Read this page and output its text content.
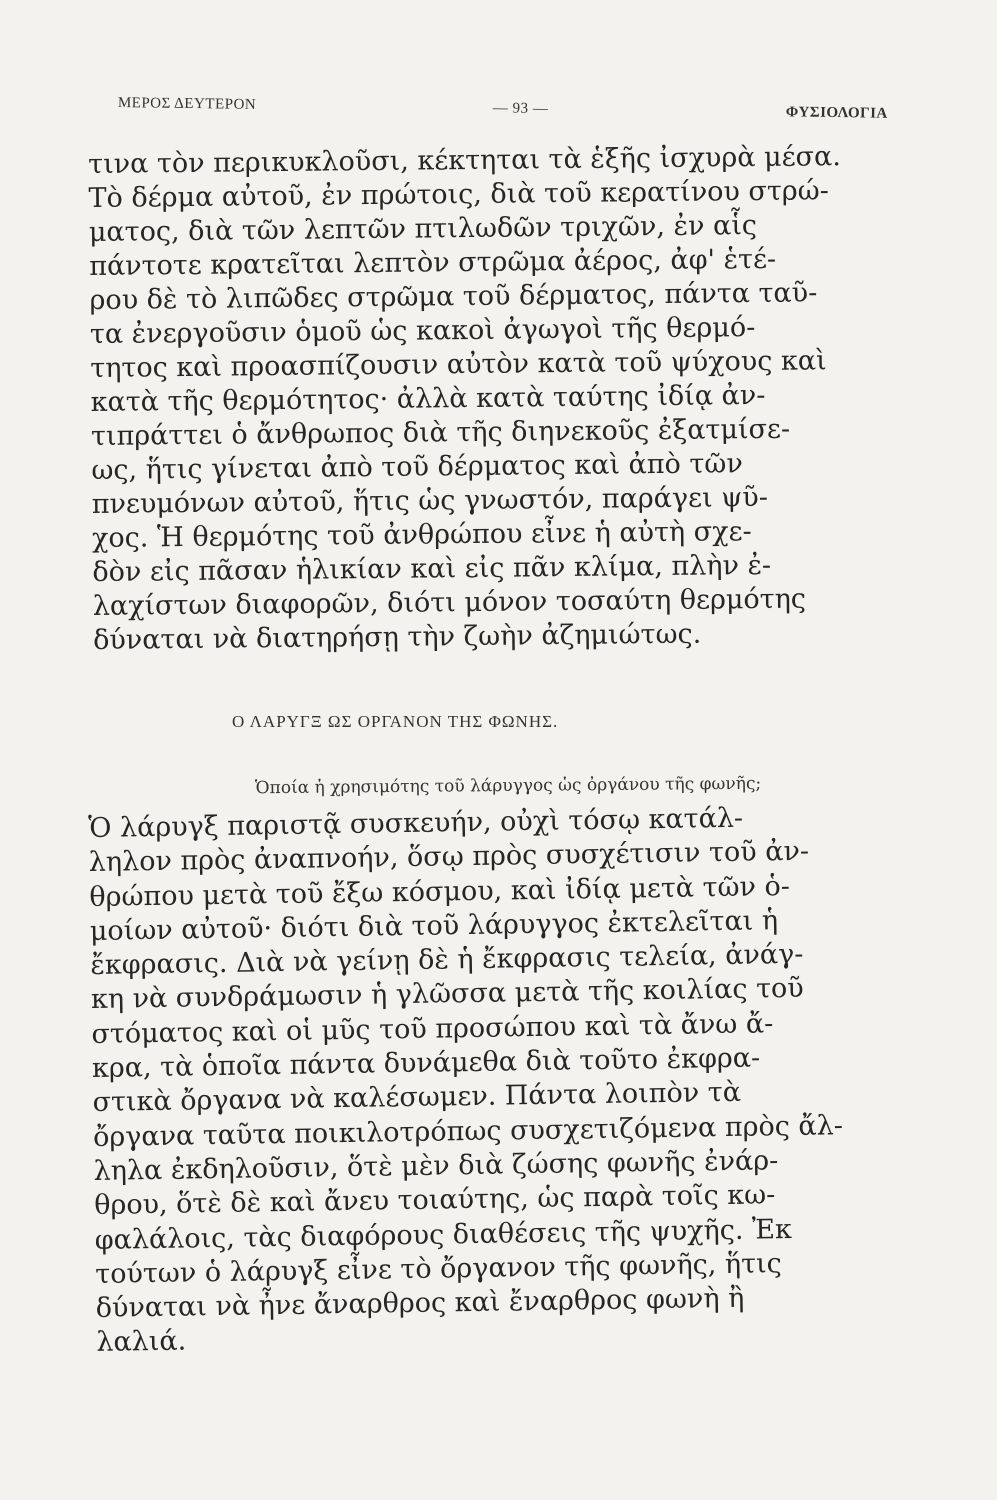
ΜΕΡΟΣ ΔΕΥΤΕΡΟΝ	— 93 —	ΦΥΣΙΟΛΟΓΙΑ
τινα τὸν περικυκλοῦσι, κέκτηται τὰ ἑξῆς ἰσχυρὰ μέσα.
Τὸ δέρμα αὐτοῦ, ἐν πρώτοις, διὰ τοῦ κερατίνου στρώ-
ματος, διὰ τῶν λεπτῶν πτιλωδῶν τριχῶν, ἐν αἷς
πάντοτε κρατεῖται λεπτὸν στρῶμα ἀέρος, ἀφ' ἑτέ-
ρου δὲ τὸ λιπῶδες στρῶμα τοῦ δέρματος, πάντα ταῦ-
τα ἐνεργοῦσιν ὁμοῦ ὡς κακοὶ ἀγωγοὶ τῆς θερμό-
τητος καὶ προασπίζουσιν αὐτὸν κατὰ τοῦ ψύχους καὶ
κατὰ τῆς θερμότητος· ἀλλὰ κατὰ ταύτης ἰδίᾳ ἀν-
τιπράττει ὁ ἄνθρωπος διὰ τῆς διηνεκοῦς ἐξατμίσε-
ως, ἥτις γίνεται ἀπὸ τοῦ δέρματος καὶ ἀπὸ τῶν
πνευμόνων αὐτοῦ, ἥτις ὡς γνωστόν, παράγει ψῦ-
χος. Ἡ θερμότης τοῦ ἀνθρώπου εἶνε ἡ αὐτὴ σχε-
δὸν εἰς πᾶσαν ἡλικίαν καὶ εἰς πᾶν κλίμα, πλὴν ἐ-
λαχίστων διαφορῶν, διότι μόνον τοσαύτη θερμότης
δύναται νὰ διατηρήσῃ τὴν ζωὴν ἀζημιώτως.
Ο ΛΑΡΥΓΞ ΩΣ ΟΡΓΑΝΟΝ ΤΗΣ ΦΩΝΗΣ.
Ὁποία ἡ χρησιμότης τοῦ λάρυγγος ὡς ὀργάνου τῆς φωνῆς;
Ὁ λάρυγξ παριστᾷ συσκευήν, οὐχὶ τόσῳ κατάλ-
ληλον πρὸς ἀναπνοήν, ὅσῳ πρὸς συσχέτισιν τοῦ ἀν-
θρώπου μετὰ τοῦ ἔξω κόσμου, καὶ ἰδίᾳ μετὰ τῶν ὁ-
μοίων αὐτοῦ· διότι διὰ τοῦ λάρυγγος ἐκτελεῖται ἡ
ἔκφρασις. Διὰ νὰ γείνῃ δὲ ἡ ἔκφρασις τελεία, ἀνάγ-
κη νὰ συνδράμωσιν ἡ γλῶσσα μετὰ τῆς κοιλίας τοῦ
στόματος καὶ οἱ μῦς τοῦ προσώπου καὶ τὰ ἄνω ἄ-
κρα, τὰ ὁποῖα πάντα δυνάμεθα διὰ τοῦτο ἐκφρα-
στικὰ ὄργανα νὰ καλέσωμεν. Πάντα λοιπὸν τὰ
ὄργανα ταῦτα ποικιλοτρόπως συσχετιζόμενα πρὸς ἄλ-
ληλα ἐκδηλοῦσιν, ὅτὲ μὲν διὰ ζώσης φωνῆς ἐνάρ-
θρου, ὅτὲ δὲ καὶ ἄνευ τοιαύτης, ὡς παρὰ τοῖς κω-
φαλάλοις, τὰς διαφόρους διαθέσεις τῆς ψυχῆς. Ἐκ
τούτων ὁ λάρυγξ εἶνε τὸ ὄργανον τῆς φωνῆς, ἥτις
δύναται νὰ ἦνε ἄναρθρος καὶ ἔναρθρος φωνὴ ἢ
λαλιά.
